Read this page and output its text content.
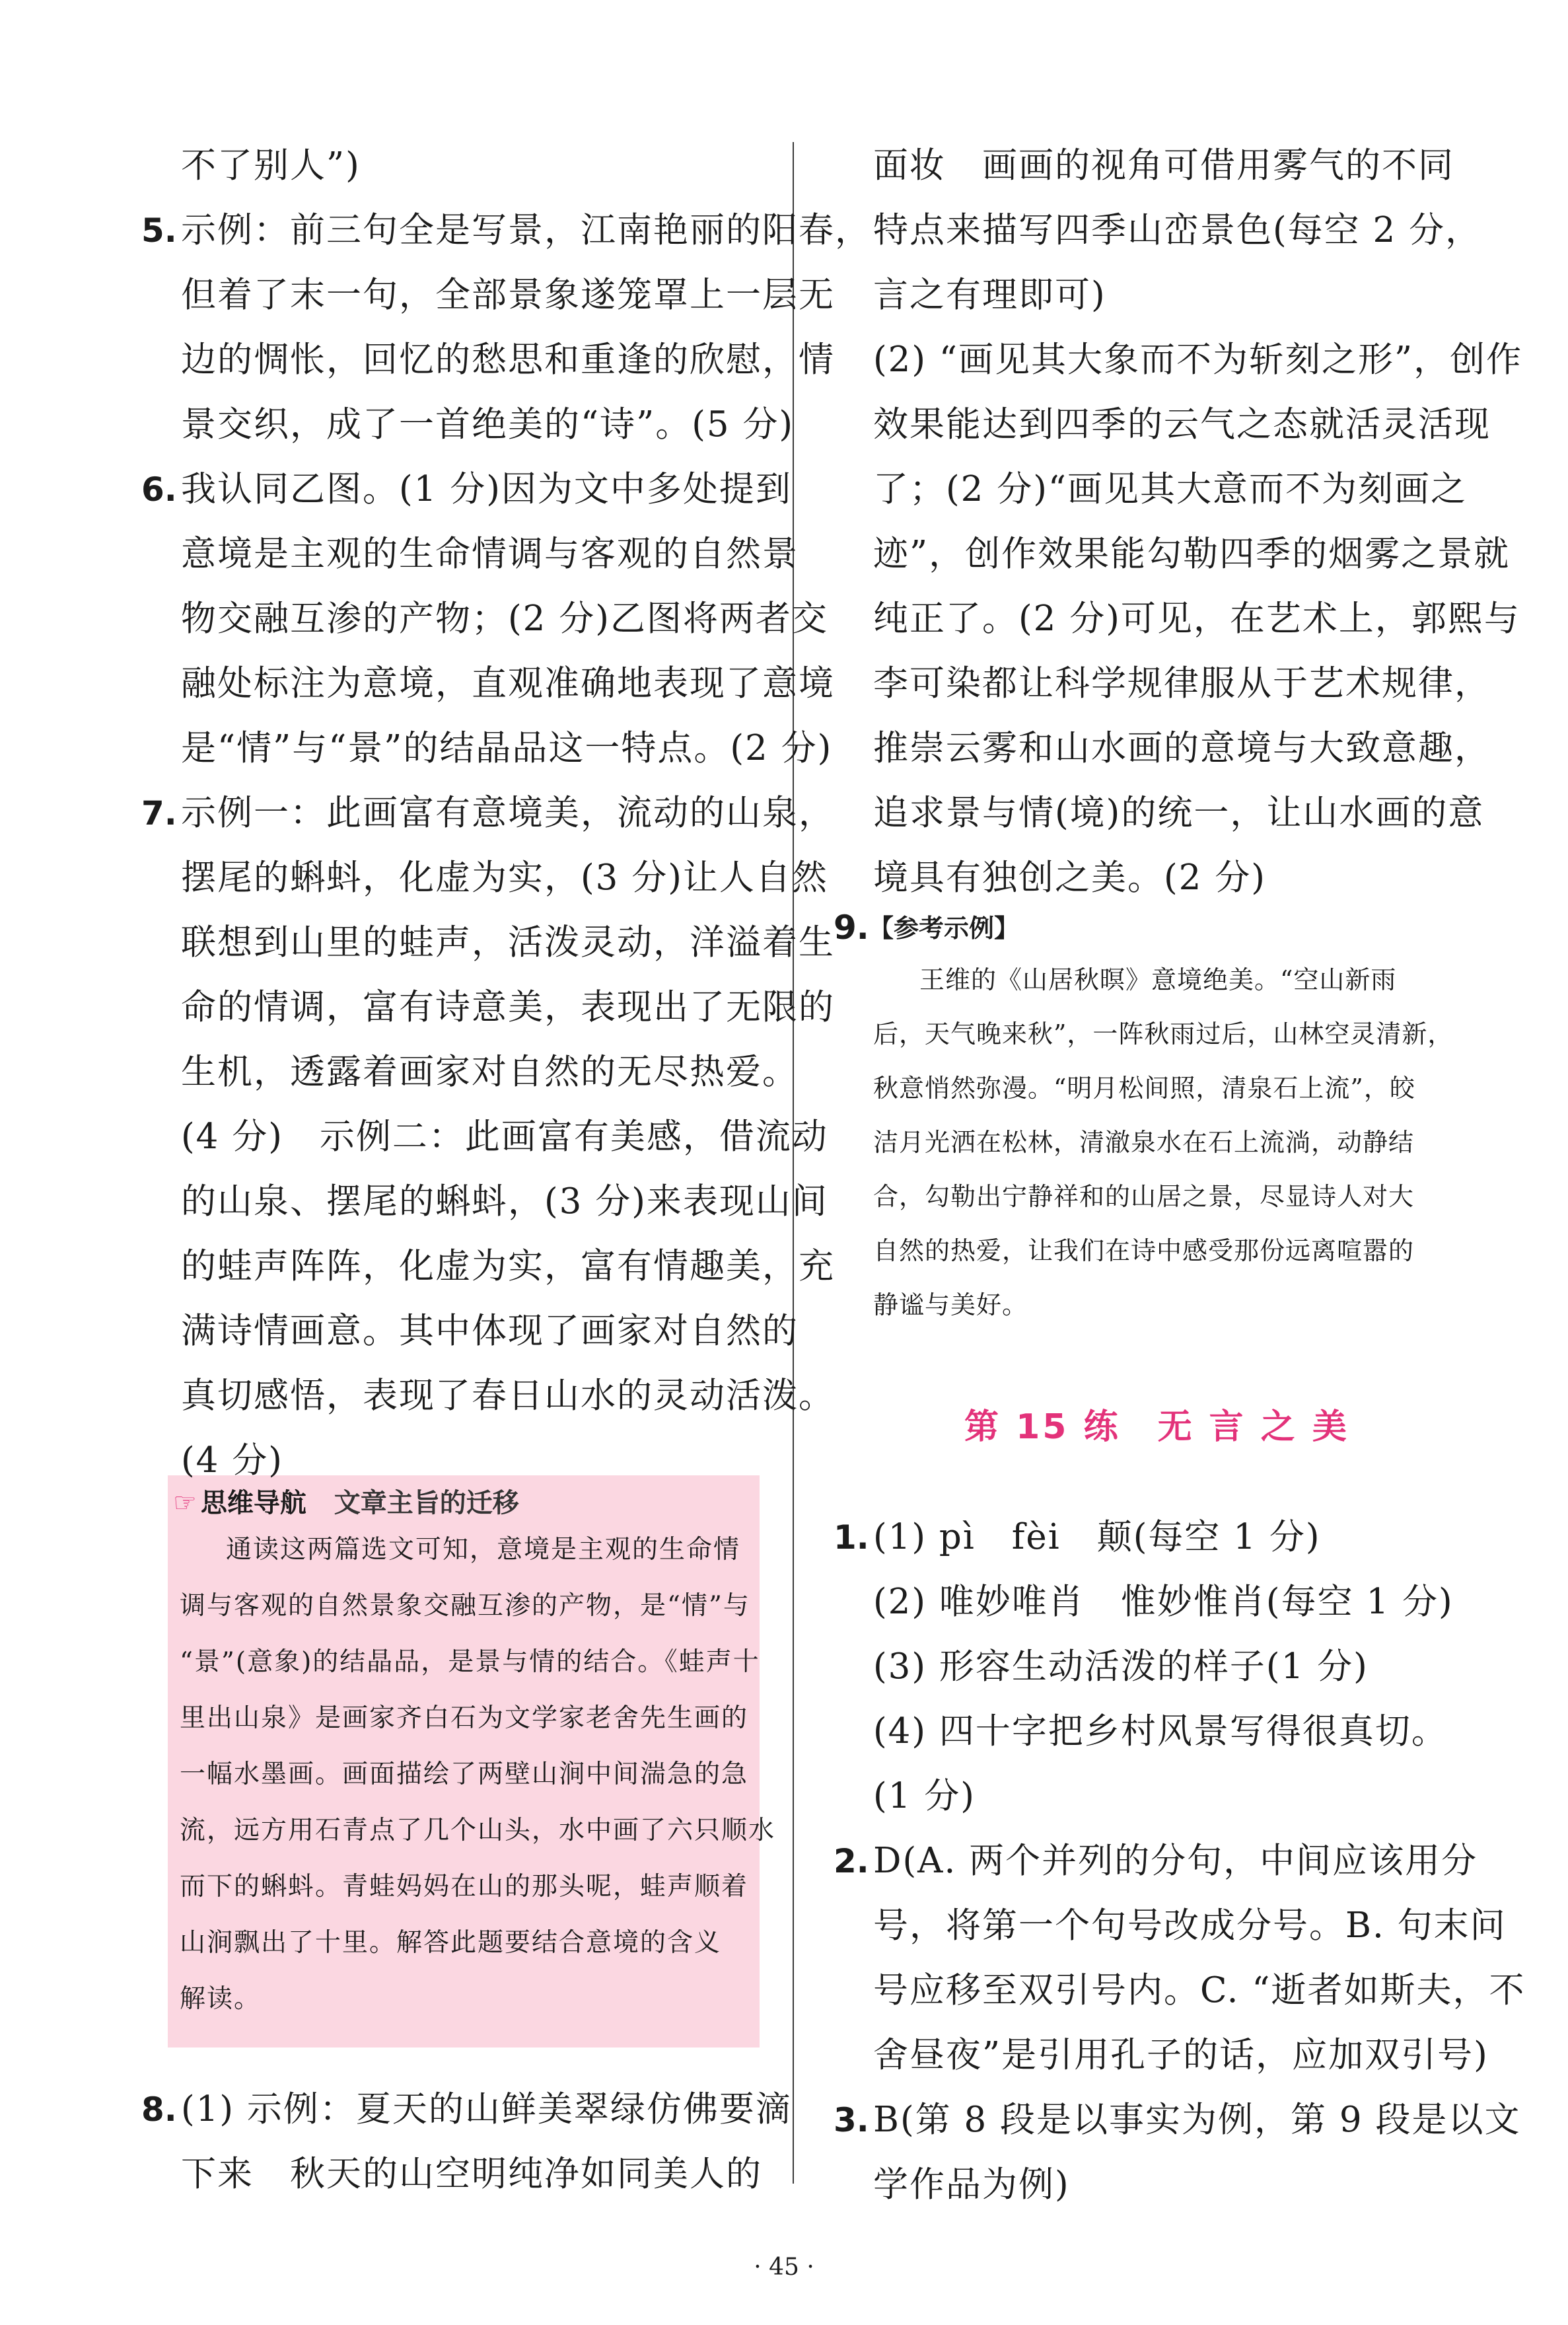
☞ 思维导航 文章主旨的迁移
通读这两篇选文可知，意境是主观的生命情
调与客观的自然景象交融互渗的产物，是“情”与
“景”(意象)的结晶品，是景与情的结合。《蛙声十
里出山泉》是画家齐白石为文学家老舍先生画的
一幅水墨画。画面描绘了两壁山涧中间湍急的急
流，远方用石青点了几个山头，水中画了六只顺水
而下的蝌蚪。青蛙妈妈在山的那头呢，蛙声顺着
山涧飘出了十里。解答此题要结合意境的含义
解读。
9. 【参考示例】
王维的《山居秋暝》意境绝美。“空山新雨
后，天气晚来秋”，一阵秋雨过后，山林空灵清新，
秋意悄然弥漫。“明月松间照，清泉石上流”，皎
洁月光洒在松林，清澈泉水在石上流淌，动静结
合，勾勒出宁静祥和的山居之景，尽显诗人对大
自然的热爱，让我们在诗中感受那份远离喧嚣的
静谧与美好。
第 15 练　无 言 之 美
· 45 ·
不了别人”)
5. 示例：前三句全是写景，江南艳丽的阳春，
但着了末一句，全部景象遂笼罩上一层无
边的惆怅，回忆的愁思和重逢的欣慰，情
景交织，成了一首绝美的“诗”。(5 分)
6. 我认同乙图。(1 分)因为文中多处提到
意境是主观的生命情调与客观的自然景
物交融互渗的产物；(2 分)乙图将两者交
融处标注为意境，直观准确地表现了意境
是“情”与“景”的结晶品这一特点。(2 分)
7. 示例一：此画富有意境美，流动的山泉，
摆尾的蝌蚪，化虚为实，(3 分)让人自然
联想到山里的蛙声，活泼灵动，洋溢着生
命的情调，富有诗意美，表现出了无限的
生机，透露着画家对自然的无尽热爱。
(4 分)　示例二：此画富有美感，借流动
的山泉、摆尾的蝌蚪，(3 分)来表现山间
的蛙声阵阵，化虚为实，富有情趣美，充
满诗情画意。其中体现了画家对自然的
真切感悟，表现了春日山水的灵动活泼。
(4 分)
8. (1) 示例：夏天的山鲜美翠绿仿佛要滴
下来　秋天的山空明纯净如同美人的
面妆　画画的视角可借用雾气的不同
特点来描写四季山峦景色(每空 2 分，
言之有理即可)
(2) “画见其大象而不为斩刻之形”，创作
效果能达到四季的云气之态就活灵活现
了；(2 分)“画见其大意而不为刻画之
迹”，创作效果能勾勒四季的烟雾之景就
纯正了。(2 分)可见，在艺术上，郭熙与
李可染都让科学规律服从于艺术规律，
推崇云雾和山水画的意境与大致意趣，
追求景与情(境)的统一，让山水画的意
境具有独创之美。(2 分)
1. (1) pì　fèi　颠(每空 1 分)
(2) 唯妙唯肖　惟妙惟肖(每空 1 分)
(3) 形容生动活泼的样子(1 分)
(4) 四十字把乡村风景写得很真切。
(1 分)
2. D(A. 两个并列的分句，中间应该用分
号，将第一个句号改成分号。B. 句末问
号应移至双引号内。C. “逝者如斯夫，不
舍昼夜”是引用孔子的话，应加双引号)
3. B(第 8 段是以事实为例，第 9 段是以文
学作品为例)
